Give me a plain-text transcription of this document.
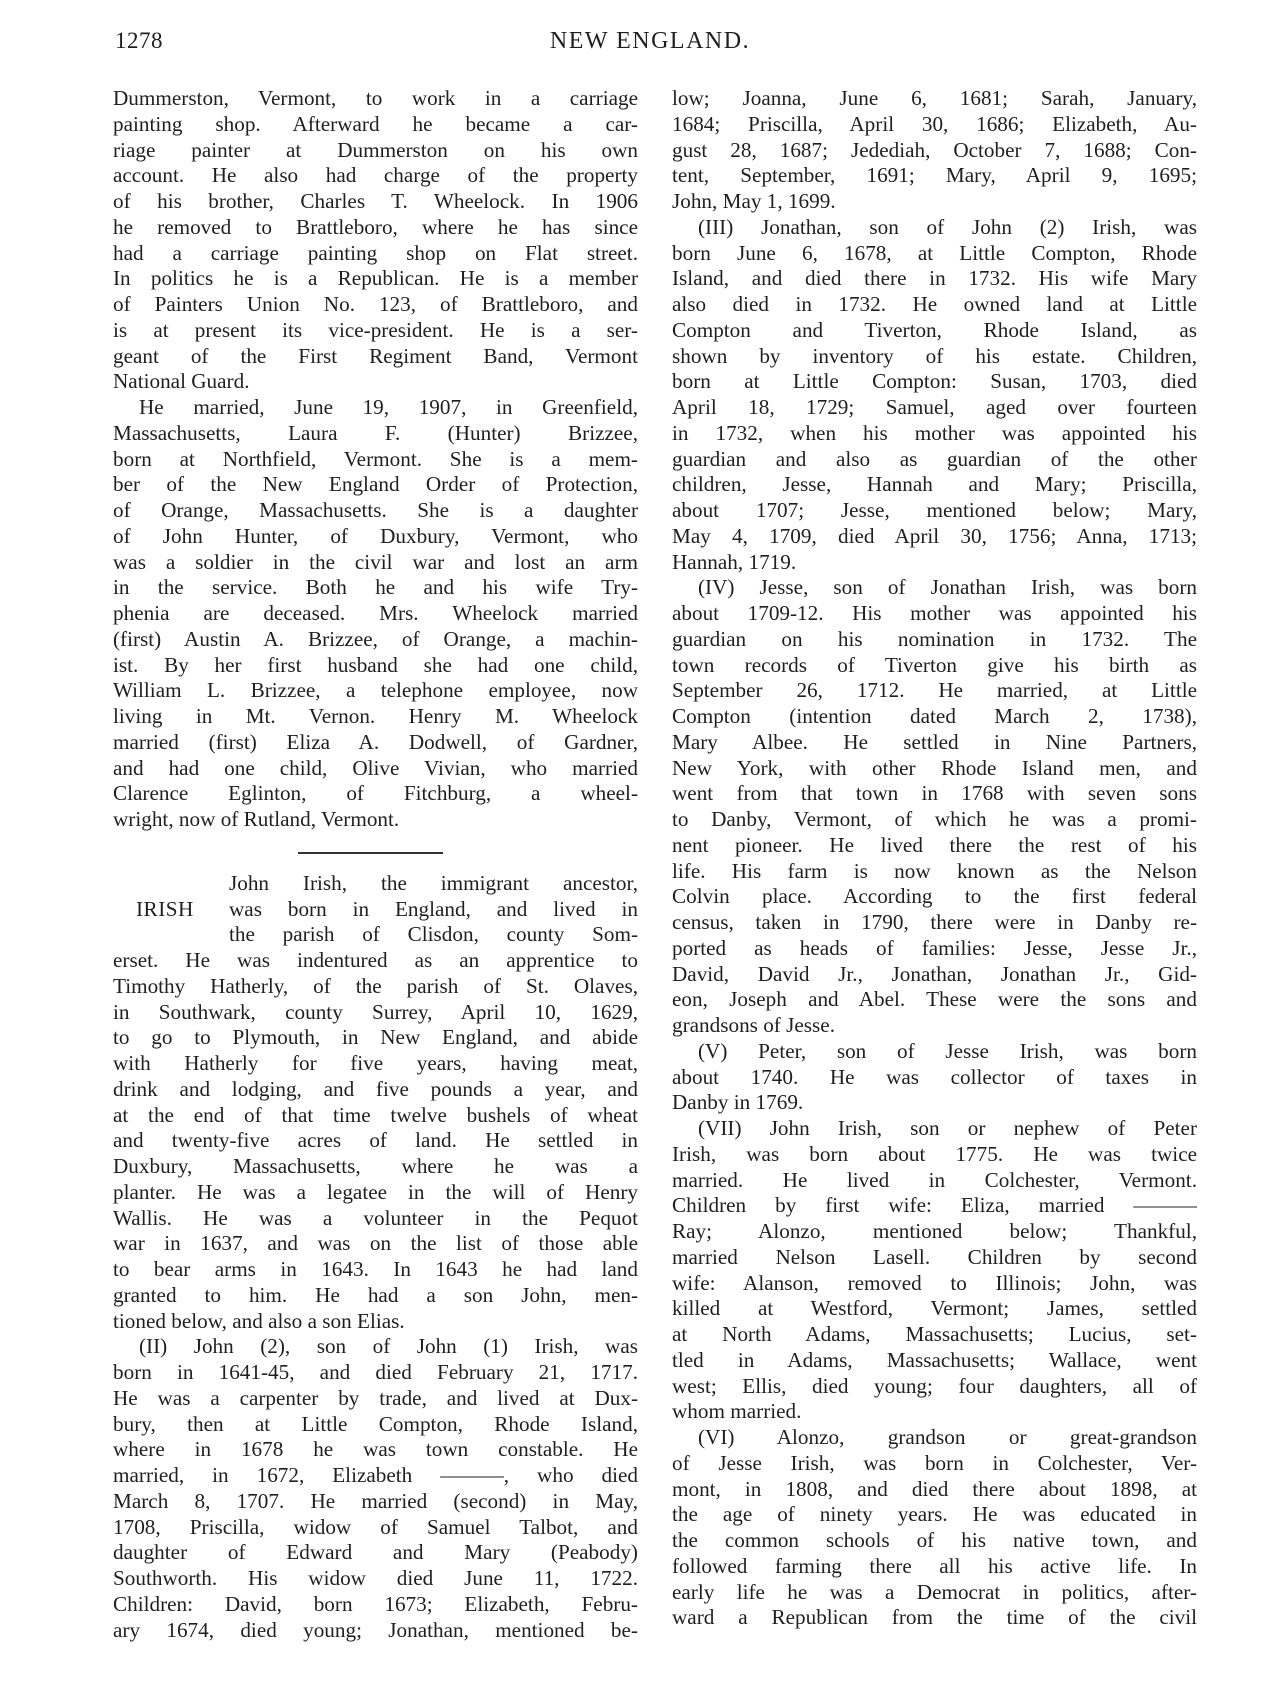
1278	NEW ENGLAND.
Dummerston, Vermont, to work in a carriage
painting shop. Afterward he became a car-
riage painter at Dummerston on his own
account. He also had charge of the property
of his brother, Charles T. Wheelock. In 1906
he removed to Brattleboro, where he has since
had a carriage painting shop on Flat street.
In politics he is a Republican. He is a member
of Painters Union No. 123, of Brattleboro, and
is at present its vice-president. He is a ser-
geant of the First Regiment Band, Vermont
National Guard.
He married, June 19, 1907, in Greenfield,
Massachusetts, Laura F. (Hunter) Brizzee,
born at Northfield, Vermont. She is a mem-
ber of the New England Order of Protection,
of Orange, Massachusetts. She is a daughter
of John Hunter, of Duxbury, Vermont, who
was a soldier in the civil war and lost an arm
in the service. Both he and his wife Try-
phenia are deceased. Mrs. Wheelock married
(first) Austin A. Brizzee, of Orange, a machin-
ist. By her first husband she had one child,
William L. Brizzee, a telephone employee, now
living in Mt. Vernon. Henry M. Wheelock
married (first) Eliza A. Dodwell, of Gardner,
and had one child, Olive Vivian, who married
Clarence Eglinton, of Fitchburg, a wheel-
wright, now of Rutland, Vermont.
IRISH
John Irish, the immigrant ancestor,
was born in England, and lived in
the parish of Clisdon, county Som-
erset. He was indentured as an apprentice to
Timothy Hatherly, of the parish of St. Olaves,
in Southwark, county Surrey, April 10, 1629,
to go to Plymouth, in New England, and abide
with Hatherly for five years, having meat,
drink and lodging, and five pounds a year, and
at the end of that time twelve bushels of wheat
and twenty-five acres of land. He settled in
Duxbury, Massachusetts, where he was a
planter. He was a legatee in the will of Henry
Wallis. He was a volunteer in the Pequot
war in 1637, and was on the list of those able
to bear arms in 1643. In 1643 he had land
granted to him. He had a son John, men-
tioned below, and also a son Elias.
(II) John (2), son of John (1) Irish, was
born in 1641-45, and died February 21, 1717.
He was a carpenter by trade, and lived at Dux-
bury, then at Little Compton, Rhode Island,
where in 1678 he was town constable. He
married, in 1672, Elizabeth ———, who died
March 8, 1707. He married (second) in May,
1708, Priscilla, widow of Samuel Talbot, and
daughter of Edward and Mary (Peabody)
Southworth. His widow died June 11, 1722.
Children: David, born 1673; Elizabeth, Febru-
ary 1674, died young; Jonathan, mentioned be-
low; Joanna, June 6, 1681; Sarah, January,
1684; Priscilla, April 30, 1686; Elizabeth, Au-
gust 28, 1687; Jedediah, October 7, 1688; Con-
tent, September, 1691; Mary, April 9, 1695;
John, May 1, 1699.
(III) Jonathan, son of John (2) Irish, was
born June 6, 1678, at Little Compton, Rhode
Island, and died there in 1732. His wife Mary
also died in 1732. He owned land at Little
Compton and Tiverton, Rhode Island, as
shown by inventory of his estate. Children,
born at Little Compton: Susan, 1703, died
April 18, 1729; Samuel, aged over fourteen
in 1732, when his mother was appointed his
guardian and also as guardian of the other
children, Jesse, Hannah and Mary; Priscilla,
about 1707; Jesse, mentioned below; Mary,
May 4, 1709, died April 30, 1756; Anna, 1713;
Hannah, 1719.
(IV) Jesse, son of Jonathan Irish, was born
about 1709-12. His mother was appointed his
guardian on his nomination in 1732. The
town records of Tiverton give his birth as
September 26, 1712. He married, at Little
Compton (intention dated March 2, 1738),
Mary Albee. He settled in Nine Partners,
New York, with other Rhode Island men, and
went from that town in 1768 with seven sons
to Danby, Vermont, of which he was a promi-
nent pioneer. He lived there the rest of his
life. His farm is now known as the Nelson
Colvin place. According to the first federal
census, taken in 1790, there were in Danby re-
ported as heads of families: Jesse, Jesse Jr.,
David, David Jr., Jonathan, Jonathan Jr., Gid-
eon, Joseph and Abel. These were the sons and
grandsons of Jesse.
(V) Peter, son of Jesse Irish, was born
about 1740. He was collector of taxes in
Danby in 1769.
(VII) John Irish, son or nephew of Peter
Irish, was born about 1775. He was twice
married. He lived in Colchester, Vermont.
Children by first wife: Eliza, married ———
Ray; Alonzo, mentioned below; Thankful,
married Nelson Lasell. Children by second
wife: Alanson, removed to Illinois; John, was
killed at Westford, Vermont; James, settled
at North Adams, Massachusetts; Lucius, set-
tled in Adams, Massachusetts; Wallace, went
west; Ellis, died young; four daughters, all of
whom married.
(VI) Alonzo, grandson or great-grandson
of Jesse Irish, was born in Colchester, Ver-
mont, in 1808, and died there about 1898, at
the age of ninety years. He was educated in
the common schools of his native town, and
followed farming there all his active life. In
early life he was a Democrat in politics, after-
ward a Republican from the time of the civil
